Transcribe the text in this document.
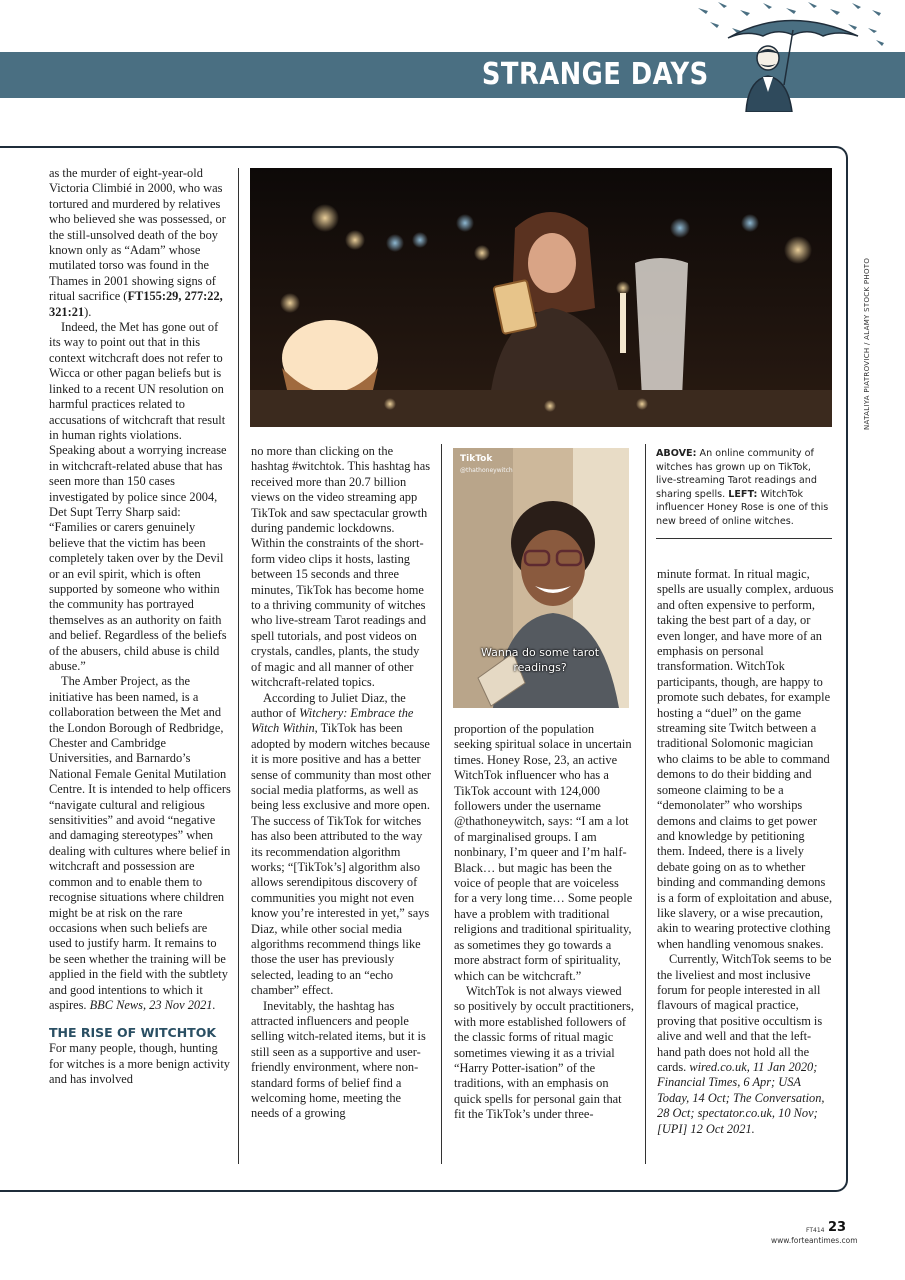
STRANGE DAYS
NATALIYA PIATROVICH / ALAMY STOCK PHOTO
TikTok
@thathoneywitch
Wanna do some tarot
readings?
ABOVE: An online community of witches has grown up on TikTok, live-streaming Tarot readings and sharing spells. LEFT: WitchTok influencer Honey Rose is one of this new breed of online witches.

as the murder of eight-year-old Victoria Climbié in 2000, who was tortured and murdered by relatives who believed she was possessed, or the still-unsolved death of the boy known only as “Adam” whose mutilated torso was found in the Thames in 2001 showing signs of ritual sacrifice (FT155:29, 277:22, 321:21).

Indeed, the Met has gone out of its way to point out that in this context witchcraft does not refer to Wicca or other pagan beliefs but is linked to a recent UN resolution on harmful practices related to accusations of witchcraft that result in human rights violations. Speaking about a worrying increase in witchcraft-related abuse that has seen more than 150 cases investigated by police since 2004, Det Supt Terry Sharp said: “Families or carers genuinely believe that the victim has been completely taken over by the Devil or an evil spirit, which is often supported by someone who within the community has portrayed themselves as an authority on faith and belief. Regardless of the beliefs of the abusers, child abuse is child abuse.”

The Amber Project, as the initiative has been named, is a collaboration between the Met and the London Borough of Redbridge, Chester and Cambridge Universities, and Barnardo’s National Female Genital Mutilation Centre. It is intended to help officers “navigate cultural and religious sensitivities” and avoid “negative and damaging stereotypes” when dealing with cultures where belief in witchcraft and possession are common and to enable them to recognise situations where children might be at risk on the rare occasions when such beliefs are used to justify harm. It remains to be seen whether the training will be applied in the field with the subtlety and good intentions to which it aspires. BBC News, 23 Nov 2021.

THE RISE OF WITCHTOK

For many people, though, hunting for witches is a more benign activity and has involved

no more than clicking on the hashtag #witchtok. This hashtag has received more than 20.7 billion views on the video streaming app TikTok and saw spectacular growth during pandemic lockdowns. Within the constraints of the short-form video clips it hosts, lasting between 15 seconds and three minutes, TikTok has become home to a thriving community of witches who live-stream Tarot readings and spell tutorials, and post videos on crystals, candles, plants, the study of magic and all manner of other witchcraft-related topics.

According to Juliet Diaz, the author of Witchery: Embrace the Witch Within, TikTok has been adopted by modern witches because it is more positive and has a better sense of community than most other social media platforms, as well as being less exclusive and more open. The success of TikTok for witches has also been attributed to the way its recommendation algorithm works; “[TikTok’s] algorithm also allows serendipitous discovery of communities you might not even know you’re interested in yet,” says Diaz, while other social media algorithms recommend things like those the user has previously selected, leading to an “echo chamber” effect.

Inevitably, the hashtag has attracted influencers and people selling witch-related items, but it is still seen as a supportive and user-friendly environment, where non-standard forms of belief find a welcoming home, meeting the needs of a growing

proportion of the population seeking spiritual solace in uncertain times. Honey Rose, 23, an active WitchTok influencer who has a TikTok account with 124,000 followers under the username @thathoneywitch, says: “I am a lot of marginalised groups. I am nonbinary, I’m queer and I’m half-Black… but magic has been the voice of people that are voiceless for a very long time… Some people have a problem with traditional religions and traditional spirituality, as sometimes they go towards a more abstract form of spirituality, which can be witchcraft.”

WitchTok is not always viewed so positively by occult practitioners, with more established followers of the classic forms of ritual magic sometimes viewing it as a trivial “Harry Potter-isation” of the traditions, with an emphasis on quick spells for personal gain that fit the TikTok’s under three-

minute format. In ritual magic, spells are usually complex, arduous and often expensive to perform, taking the best part of a day, or even longer, and have more of an emphasis on personal transformation. WitchTok participants, though, are happy to promote such debates, for example hosting a “duel” on the game streaming site Twitch between a traditional Solomonic magician who claims to be able to command demons to do their bidding and someone claiming to be a “demonolater” who worships demons and claims to get power and knowledge by petitioning them. Indeed, there is a lively debate going on as to whether binding and commanding demons is a form of exploitation and abuse, like slavery, or a wise precaution, akin to wearing protective clothing when handling venomous snakes.

Currently, WitchTok seems to be the liveliest and most inclusive forum for people interested in all flavours of magical practice, proving that positive occultism is alive and well and that the left-hand path does not hold all the cards. wired.co.uk, 11 Jan 2020; Financial Times, 6 Apr; USA Today, 14 Oct; The Conversation, 28 Oct; spectator.co.uk, 10 Nov; [UPI] 12 Oct 2021.

FT414 23
www.forteantimes.com
